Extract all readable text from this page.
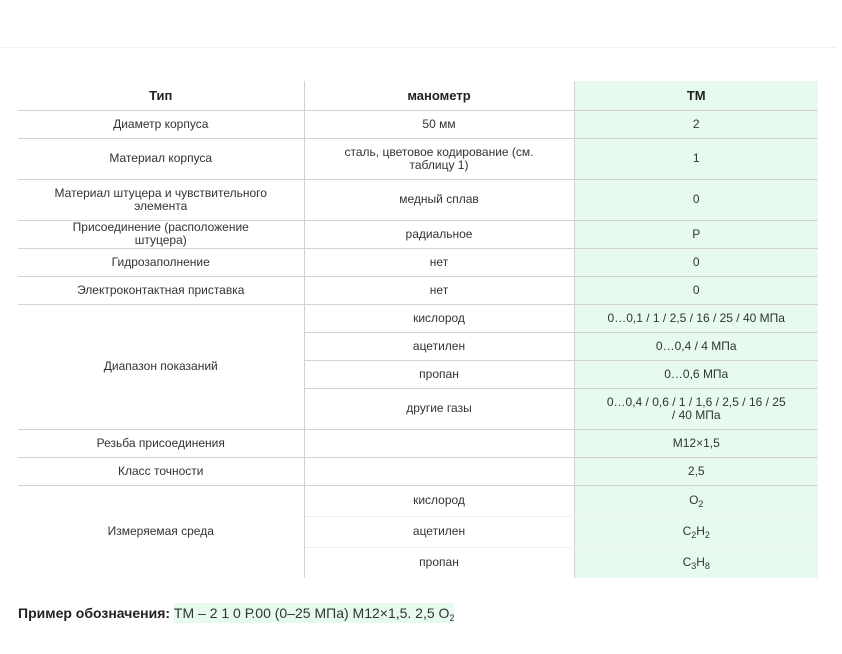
Тип	манометр	ТМ
Диаметр корпуса	50 мм	2
Материал корпуса	сталь, цветовое кодирование (см. таблицу 1)	1
Материал штуцера и чувствительного элемента	медный сплав	0
Присоединение (расположение штуцера)	радиальное	Р
Гидрозаполнение	нет	0
Электроконтактная приставка	нет	0
Диапазон показаний	кислород	0…0,1 / 1 / 2,5 / 16 / 25 / 40 МПа
	ацетилен	0…0,4 / 4 МПа
	пропан	0…0,6 МПа
	другие газы	0…0,4 / 0,6 / 1 / 1,6 / 2,5 / 16 / 25 / 40 МПа
Резьба присоединения		М12×1,5
Класс точности		2,5
Измеряемая среда	кислород	$O_2$
	ацетилен	$C_2H_2$
	пропан	$C_3H_8$
Пример обозначения: ТМ – 2 1 0 Р.00 (0–25 МПа) М12×1,5. 2,5 $O_2$
